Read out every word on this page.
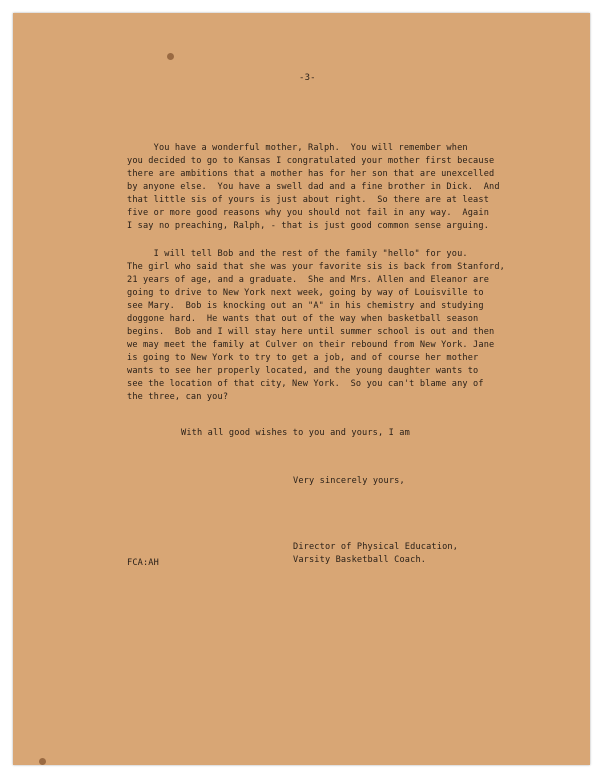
-3-
You have a wonderful mother, Ralph.  You will remember when
you decided to go to Kansas I congratulated your mother first because
there are ambitions that a mother has for her son that are unexcelled
by anyone else.  You have a swell dad and a fine brother in Dick.  And
that little sis of yours is just about right.  So there are at least
five or more good reasons why you should not fail in any way.  Again
I say no preaching, Ralph, - that is just good common sense arguing.
I will tell Bob and the rest of the family "hello" for you.
The girl who said that she was your favorite sis is back from Stanford,
21 years of age, and a graduate.  She and Mrs. Allen and Eleanor are
going to drive to New York next week, going by way of Louisville to
see Mary.  Bob is knocking out an "A" in his chemistry and studying
doggone hard.  He wants that out of the way when basketball season
begins.  Bob and I will stay here until summer school is out and then
we may meet the family at Culver on their rebound from New York. Jane
is going to New York to try to get a job, and of course her mother
wants to see her properly located, and the young daughter wants to
see the location of that city, New York.  So you can't blame any of
the three, can you?
With all good wishes to you and yours, I am
Very sincerely yours,
Director of Physical Education,
Varsity Basketball Coach.
FCA:AH
